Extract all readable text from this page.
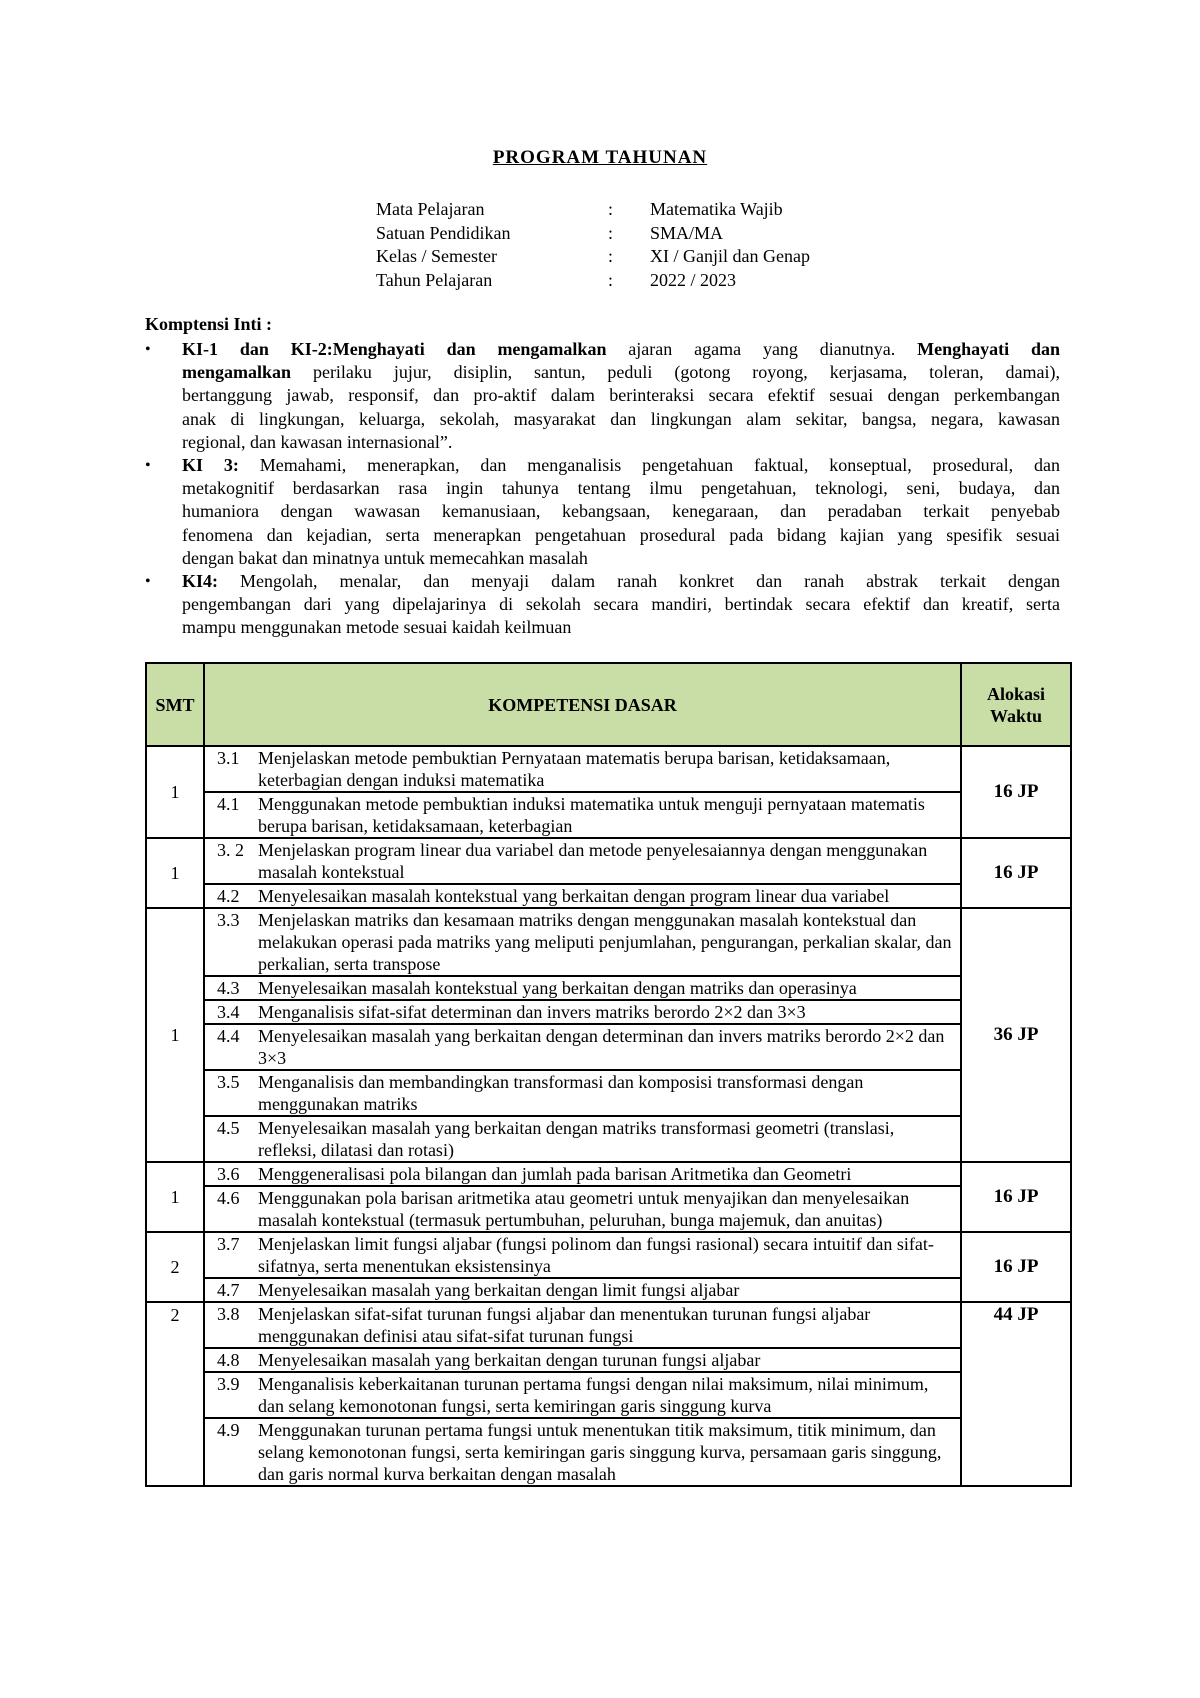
PROGRAM TAHUNAN
Mata Pelajaran	:	Matematika Wajib
Satuan Pendidikan	:	SMA/MA
Kelas / Semester	:	XI / Ganjil dan Genap
Tahun Pelajaran	:	2022 / 2023
Komptensi Inti :
• KI-1 dan KI-2:Menghayati dan mengamalkan ajaran agama yang dianutnya. Menghayati dan
mengamalkan perilaku jujur, disiplin, santun, peduli (gotong royong, kerjasama, toleran, damai),
bertanggung jawab, responsif, dan pro-aktif dalam berinteraksi secara efektif sesuai dengan perkembangan
anak di lingkungan, keluarga, sekolah, masyarakat dan lingkungan alam sekitar, bangsa, negara, kawasan
regional, dan kawasan internasional”.
• KI 3: Memahami, menerapkan, dan menganalisis pengetahuan faktual, konseptual, prosedural, dan
metakognitif berdasarkan rasa ingin tahunya tentang ilmu pengetahuan, teknologi, seni, budaya, dan
humaniora dengan wawasan kemanusiaan, kebangsaan, kenegaraan, dan peradaban terkait penyebab
fenomena dan kejadian, serta menerapkan pengetahuan prosedural pada bidang kajian yang spesifik sesuai
dengan bakat dan minatnya untuk memecahkan masalah
• KI4: Mengolah, menalar, dan menyaji dalam ranah konkret dan ranah abstrak terkait dengan
pengembangan dari yang dipelajarinya di sekolah secara mandiri, bertindak secara efektif dan kreatif, serta
mampu menggunakan metode sesuai kaidah keilmuan
SMT	KOMPETENSI DASAR	Alokasi Waktu
1	3.1 Menjelaskan metode pembuktian Pernyataan matematis berupa barisan, ketidaksamaan, keterbagian dengan induksi matematika	16 JP

	4.1 Menggunakan metode pembuktian induksi matematika untuk menguji pernyataan matematis berupa barisan, ketidaksamaan, keterbagian	

1	3. 2 Menjelaskan program linear dua variabel dan metode penyelesaiannya dengan menggunakan masalah kontekstual	16 JP

	4.2 Menyelesaikan masalah kontekstual yang berkaitan dengan program linear dua variabel	

1	3.3 Menjelaskan matriks dan kesamaan matriks dengan menggunakan masalah kontekstual dan melakukan operasi pada matriks yang meliputi penjumlahan, pengurangan, perkalian skalar, dan perkalian, serta transpose	36 JP

	4.3 Menyelesaikan masalah kontekstual yang berkaitan dengan matriks dan operasinya	

	3.4 Menganalisis sifat-sifat determinan dan invers matriks berordo 2×2 dan 3×3	

	4.4 Menyelesaikan masalah yang berkaitan dengan determinan dan invers matriks berordo 2×2 dan 3×3	

	3.5 Menganalisis dan membandingkan transformasi dan komposisi transformasi dengan menggunakan matriks	

	4.5 Menyelesaikan masalah yang berkaitan dengan matriks transformasi geometri (translasi, refleksi, dilatasi dan rotasi)	

1	3.6 Menggeneralisasi pola bilangan dan jumlah pada barisan Aritmetika dan Geometri	16 JP

	4.6 Menggunakan pola barisan aritmetika atau geometri untuk menyajikan dan menyelesaikan masalah kontekstual (termasuk pertumbuhan, peluruhan, bunga majemuk, dan anuitas)	

2	3.7 Menjelaskan limit fungsi aljabar (fungsi polinom dan fungsi rasional) secara intuitif dan sifat-sifatnya, serta menentukan eksistensinya	16 JP

	4.7 Menyelesaikan masalah yang berkaitan dengan limit fungsi aljabar	

2	3.8 Menjelaskan sifat-sifat turunan fungsi aljabar dan menentukan turunan fungsi aljabar menggunakan definisi atau sifat-sifat turunan fungsi	44 JP

	4.8 Menyelesaikan masalah yang berkaitan dengan turunan fungsi aljabar	

	3.9 Menganalisis keberkaitanan turunan pertama fungsi dengan nilai maksimum, nilai minimum, dan selang kemonotonan fungsi, serta kemiringan garis singgung kurva	

	4.9 Menggunakan turunan pertama fungsi untuk menentukan titik maksimum, titik minimum, dan selang kemonotonan fungsi, serta kemiringan garis singgung kurva, persamaan garis singgung, dan garis normal kurva berkaitan dengan masalah	
